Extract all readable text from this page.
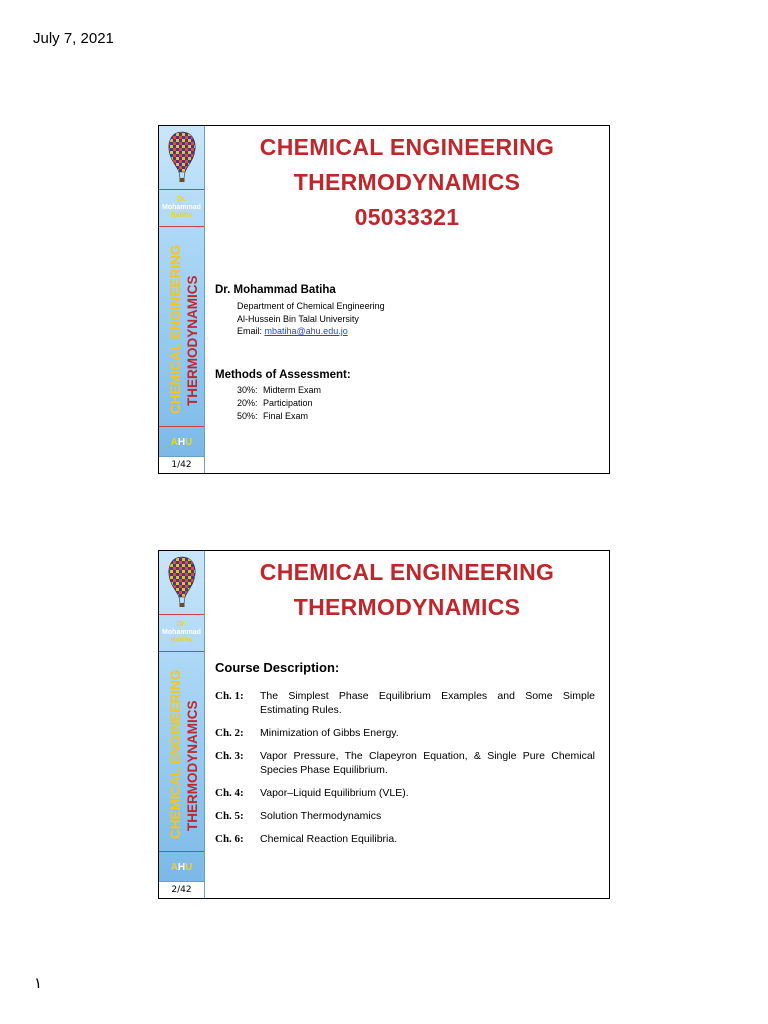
July 7, 2021
Dr.
Mohammad
Batiha
CHEMICAL ENGINEERING THERMODYNAMICS
AHU
1/42
CHEMICAL ENGINEERING
THERMODYNAMICS
05033321
Dr. Mohammad Batiha
Department of Chemical Engineering
Al-Hussein Bin Talal University
Email: mbatiha@ahu.edu.jo
Methods of Assessment:
30%: Midterm Exam
20%: Participation
50%: Final Exam
Dr.
Mohammad
Batiha
CHEMICAL ENGINEERING THERMODYNAMICS
AHU
2/42
CHEMICAL ENGINEERING
THERMODYNAMICS
Course Description:
Ch. 1:	The Simplest Phase Equilibrium Examples and Some Simple Estimating Rules.
Ch. 2:	Minimization of Gibbs Energy.
Ch. 3:	Vapor Pressure, The Clapeyron Equation, & Single Pure Chemical Species Phase Equilibrium.
Ch. 4:	Vapor–Liquid Equilibrium (VLE).
Ch. 5:	Solution Thermodynamics
Ch. 6:	Chemical Reaction Equilibria.
١
